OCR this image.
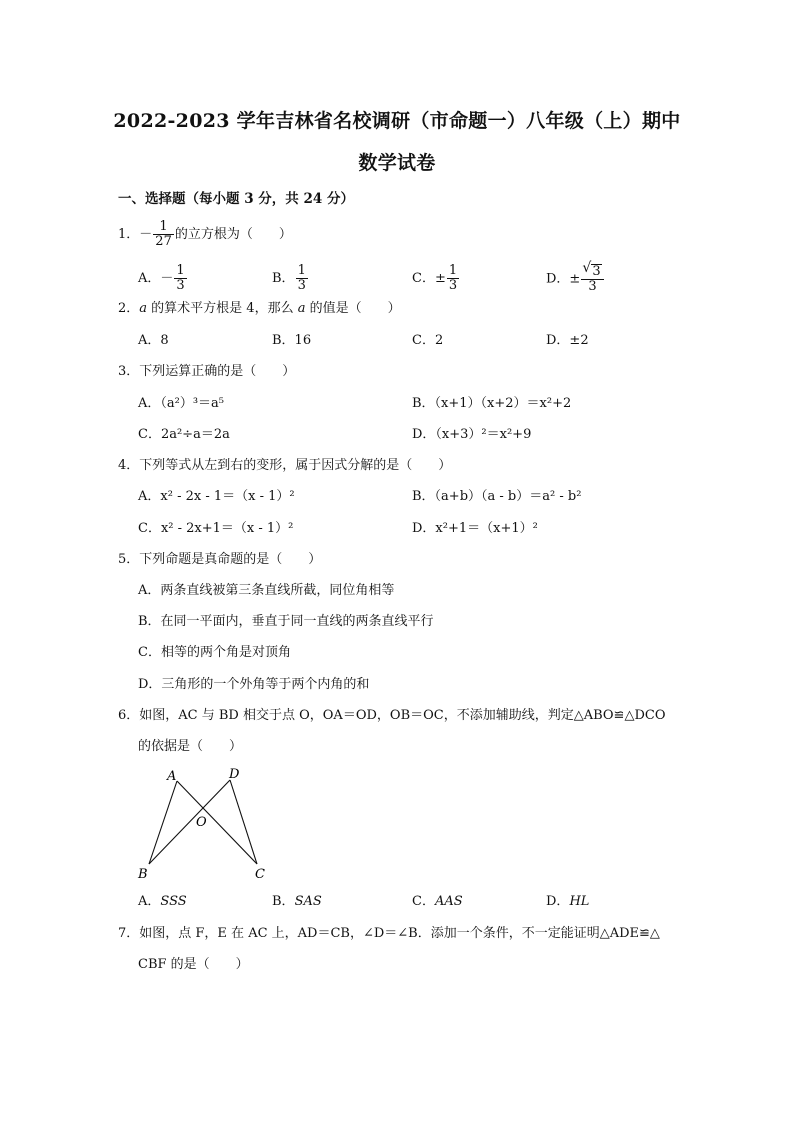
2022-2023 学年吉林省名校调研（市命题一）八年级（上）期中
数学试卷
一、选择题（每小题 3 分，共 24 分）
1．－ $\frac{1}{27}$ 的立方根为（　　）
A．－ $\frac{1}{3}$	B． $\frac{1}{3}$	C．± $\frac{1}{3}$	D．±
√ $\frac{3}{3}$
2．a 的算术平方根是 4，那么 a 的值是（　　）
A．8	B．16	C．2	D．±2
3．下列运算正确的是（　　）
A．（a²）³＝a⁵	B．（x+1）（x+2）＝x²+2
C．2a²÷a＝2a	D．（x+3）²＝x²+9
4．下列等式从左到右的变形，属于因式分解的是（　　）
A．x² - 2x - 1＝（x - 1）²	B．（a+b）（a - b）＝a² - b²
C．x² - 2x+1＝（x - 1）²	D．x²+1＝（x+1）²
5．下列命题是真命题的是（　　）
A．两条直线被第三条直线所截，同位角相等
B．在同一平面内，垂直于同一直线的两条直线平行
C．相等的两个角是对顶角
D．三角形的一个外角等于两个内角的和
6．如图，AC 与 BD 相交于点 O，OA＝OD，OB＝OC，不添加辅助线，判定△ABO≌△DCO
的依据是（　　）
A	D
O
B	C
A．SSS	B．SAS	C．AAS	D．HL
7．如图，点 F，E 在 AC 上，AD＝CB，∠D＝∠B．添加一个条件，不一定能证明△ADE≌△
CBF 的是（　　）
